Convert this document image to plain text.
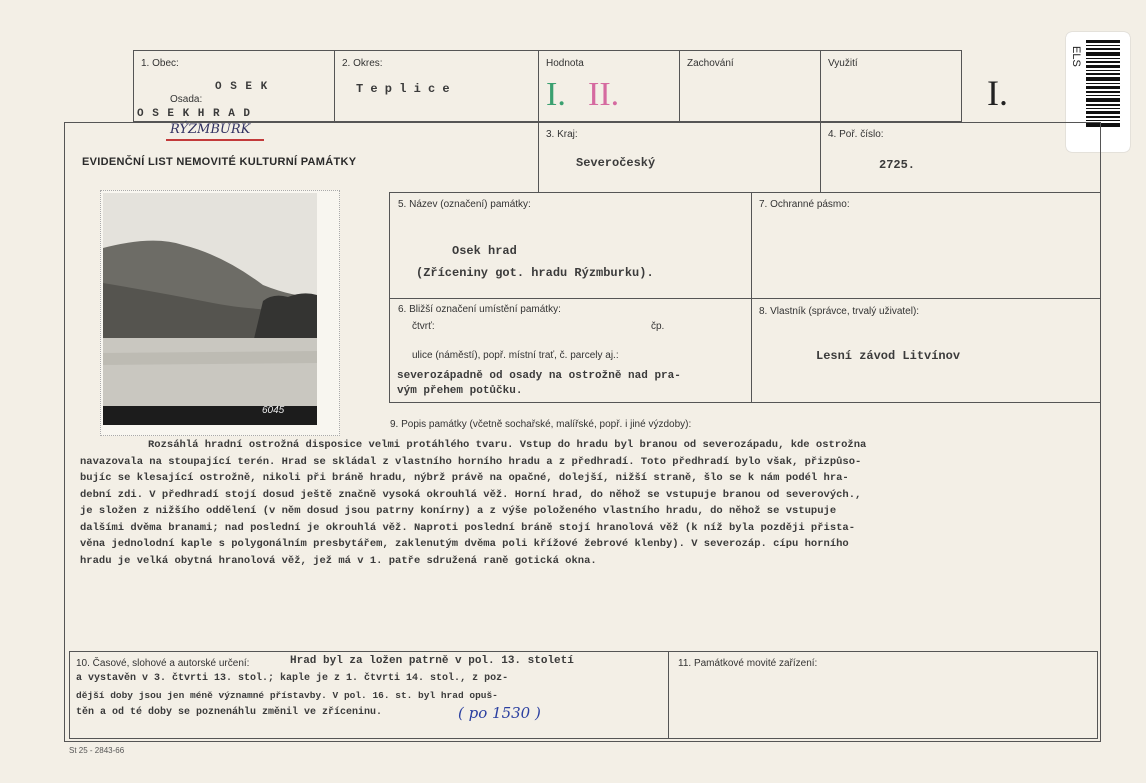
1. Obec:
O S E K
Osada:
O S E K H R A D
RÝZMBURK
2. Okres:
T e p l i c e
Hodnota
I. II.
Zachování	Využití
I.
ELS
EVIDENČNÍ LIST NEMOVITÉ KULTURNÍ PAMÁTKY
3. Kraj:
Severočeský
4. Poř. číslo:
2725.
6045
5. Název (označení) památky:
Osek hrad
(Zříceniny got. hradu Rýzmburku).
7. Ochranné pásmo:
6. Bližší označení umístění památky:
čtvrť:	čp.
ulice (náměstí), popř. místní trať, č. parcely aj.:
severozápadně od osady na ostrožně nad pra-
vým přehem potůčku.
8. Vlastník (správce, trvalý uživatel):
Lesní závod Litvínov
9. Popis památky (včetně sochařské, malířské, popř. i jiné výzdoby):
Rozsáhlá hradní ostrožná disposice velmi protáhlého tvaru. Vstup do hradu byl branou od severozápadu, kde ostrožna
navazovala na stoupající terén. Hrad se skládal z vlastního horního hradu a z předhradí. Toto předhradí bylo však, přizpůso-
bujíc se klesající ostrožně, nikoli při bráně hradu, nýbrž právě na opačné, dolejší, nižší straně, šlo se k nám podél hra-
dební zdi. V předhradí stojí dosud ještě značně vysoká okrouhlá věž. Horní hrad, do něhož se vstupuje branou od severových.,
je složen z nižšího oddělení (v něm dosud jsou patrny konírny) a z výše položeného vlastního hradu, do něhož se vstupuje
dalšími dvěma branami; nad poslední je okrouhlá věž. Naproti poslední bráně stojí hranolová věž (k níž byla později přista-
věna jednolodní kaple s polygonálním presbytářem, zaklenutým dvěma poli křížové žebrové klenby). V severozáp. cípu horního
hradu je velká obytná hranolová věž, jež má v 1. patře sdružená raně gotická okna.
10. Časové, slohové a autorské určení:	Hrad byl za ložen patrně v pol. 13. století
a vystavěn v 3. čtvrti 13. stol.; kaple je z 1. čtvrti 14. stol., z poz-
dější doby jsou jen méně významné přístavby. V pol. 16. st. byl hrad opuš-
těn a od té doby se poznenáhlu změnil ve zříceninu.	( po 1530 )
11. Památkové movité zařízení:
St 25 - 2843-66
